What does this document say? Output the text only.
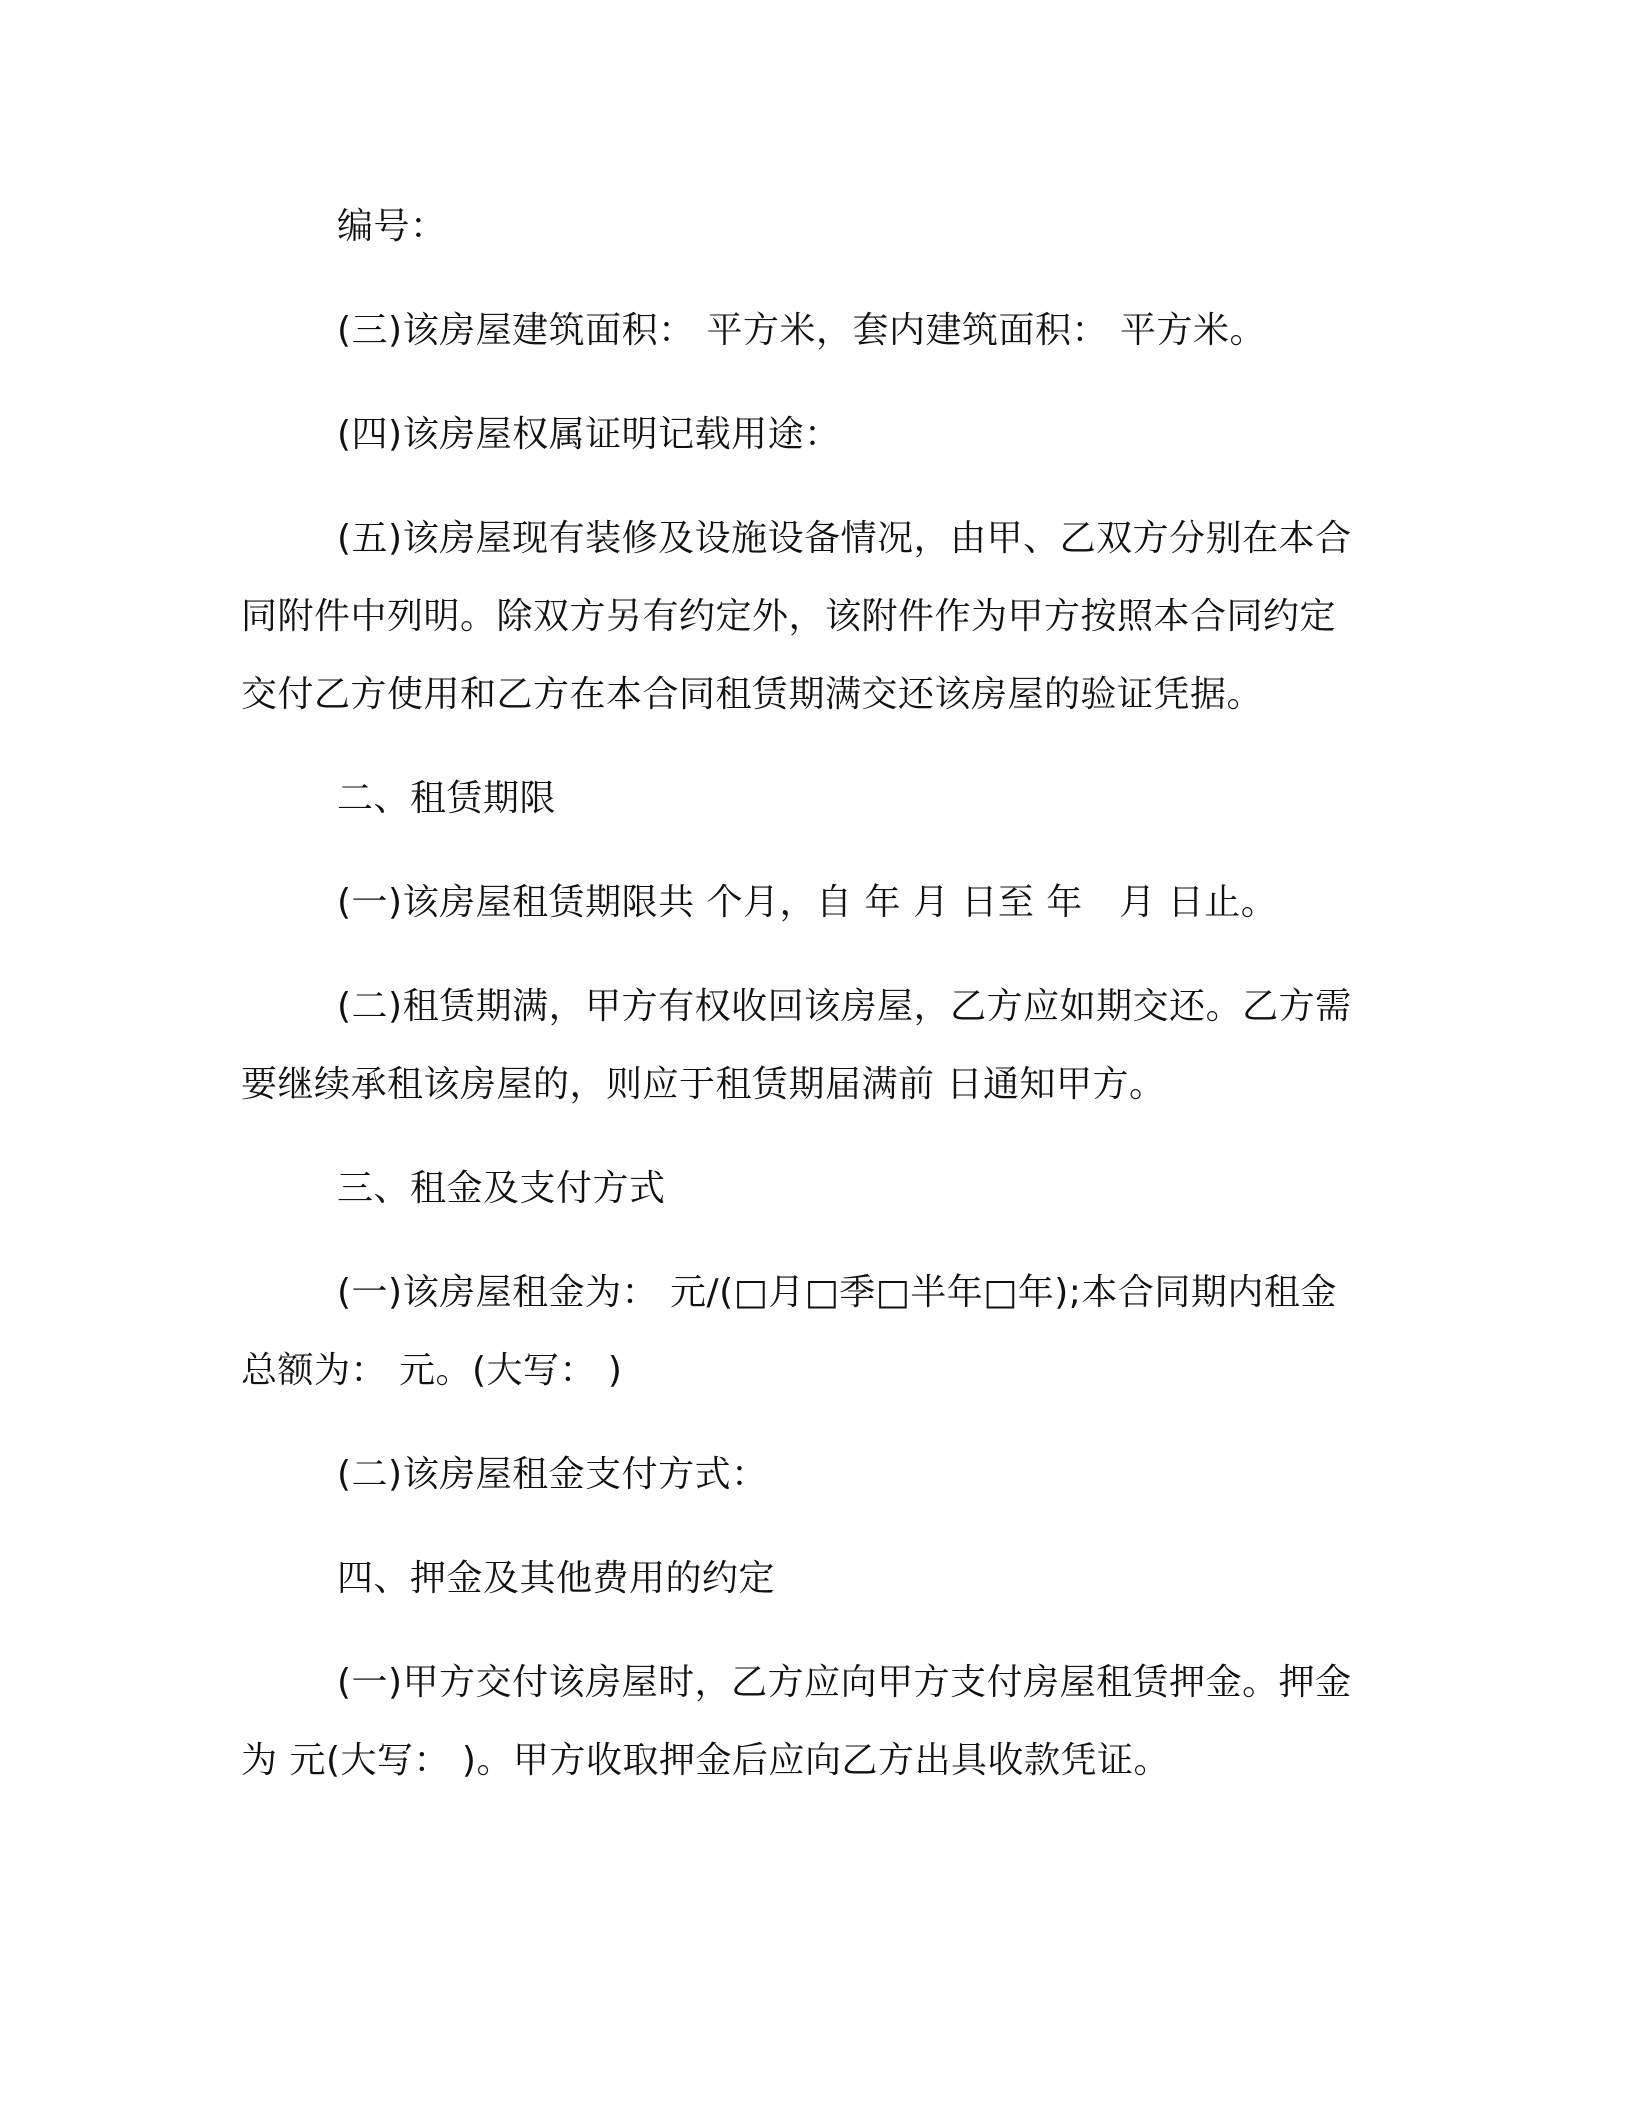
编号：

(三)该房屋建筑面积： 平方米，套内建筑面积： 平方米。

(四)该房屋权属证明记载用途：

(五)该房屋现有装修及设施设备情况，由甲、乙双方分别在本合同附件中列明。除双方另有约定外，该附件作为甲方按照本合同约定交付乙方使用和乙方在本合同租赁期满交还该房屋的验证凭据。

二、租赁期限

(一)该房屋租赁期限共 个月，自 年 月 日至 年　月 日止。

(二)租赁期满，甲方有权收回该房屋，乙方应如期交还。乙方需要继续承租该房屋的，则应于租赁期届满前 日通知甲方。

三、租金及支付方式

(一)该房屋租金为： 元/(□月□季□半年□年);本合同期内租金总额为： 元。(大写： )

(二)该房屋租金支付方式：

四、押金及其他费用的约定

(一)甲方交付该房屋时，乙方应向甲方支付房屋租赁押金。押金为 元(大写： )。甲方收取押金后应向乙方出具收款凭证。
